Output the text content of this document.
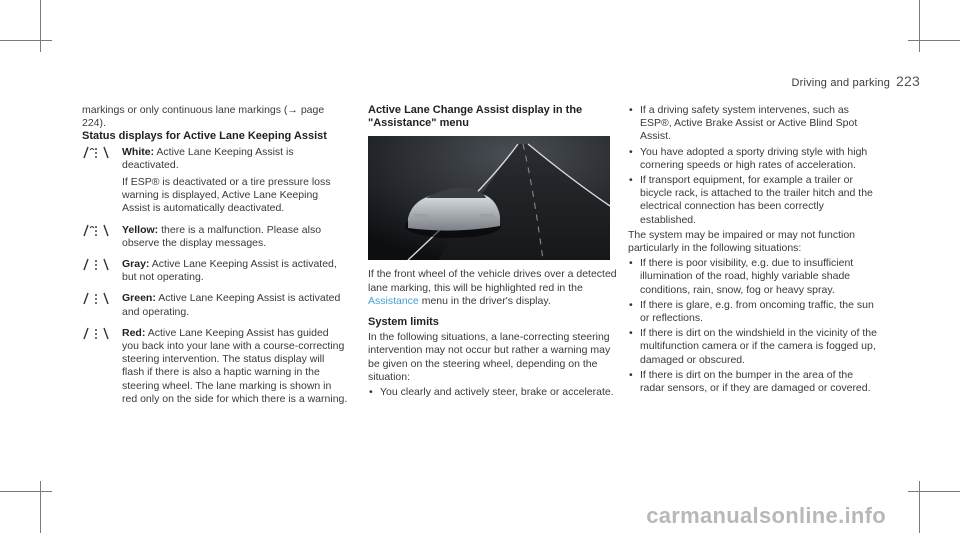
Driving and parking 223

markings or only continuous lane markings (→ page 224).

Status displays for Active Lane Keeping Assist

White: Active Lane Keeping Assist is deactivated.
If ESP® is deactivated or a tire pressure loss warning is displayed, Active Lane Keeping Assist is automatically deactivated.
Yellow: there is a malfunction. Please also observe the display messages.
Gray: Active Lane Keeping Assist is activated, but not operating.
Green: Active Lane Keeping Assist is activated and operating.
Red: Active Lane Keeping Assist has guided you back into your lane with a course-correcting steering intervention. The status display will flash if there is also a haptic warning in the steering wheel. The lane marking is shown in red only on the side for which there is a warning.

Active Lane Change Assist display in the "Assistance" menu

If the front wheel of the vehicle drives over a detected lane marking, this will be highlighted red in the Assistance menu in the driver's display.

System limits

In the following situations, a lane-correcting steering intervention may not occur but rather a warning may be given on the steering wheel, depending on the situation:

• You clearly and actively steer, brake or accelerate.
• If a driving safety system intervenes, such as ESP®, Active Brake Assist or Active Blind Spot Assist.
• You have adopted a sporty driving style with high cornering speeds or high rates of acceleration.
• If transport equipment, for example a trailer or bicycle rack, is attached to the trailer hitch and the electrical connection has been correctly established.

The system may be impaired or may not function particularly in the following situations:

• If there is poor visibility, e.g. due to insufficient illumination of the road, highly variable shade conditions, rain, snow, fog or heavy spray.
• If there is glare, e.g. from oncoming traffic, the sun or reflections.
• If there is dirt on the windshield in the vicinity of the multifunction camera or if the camera is fogged up, damaged or obscured.
• If there is dirt on the bumper in the area of the radar sensors, or if they are damaged or covered.
carmanualsonline.info
